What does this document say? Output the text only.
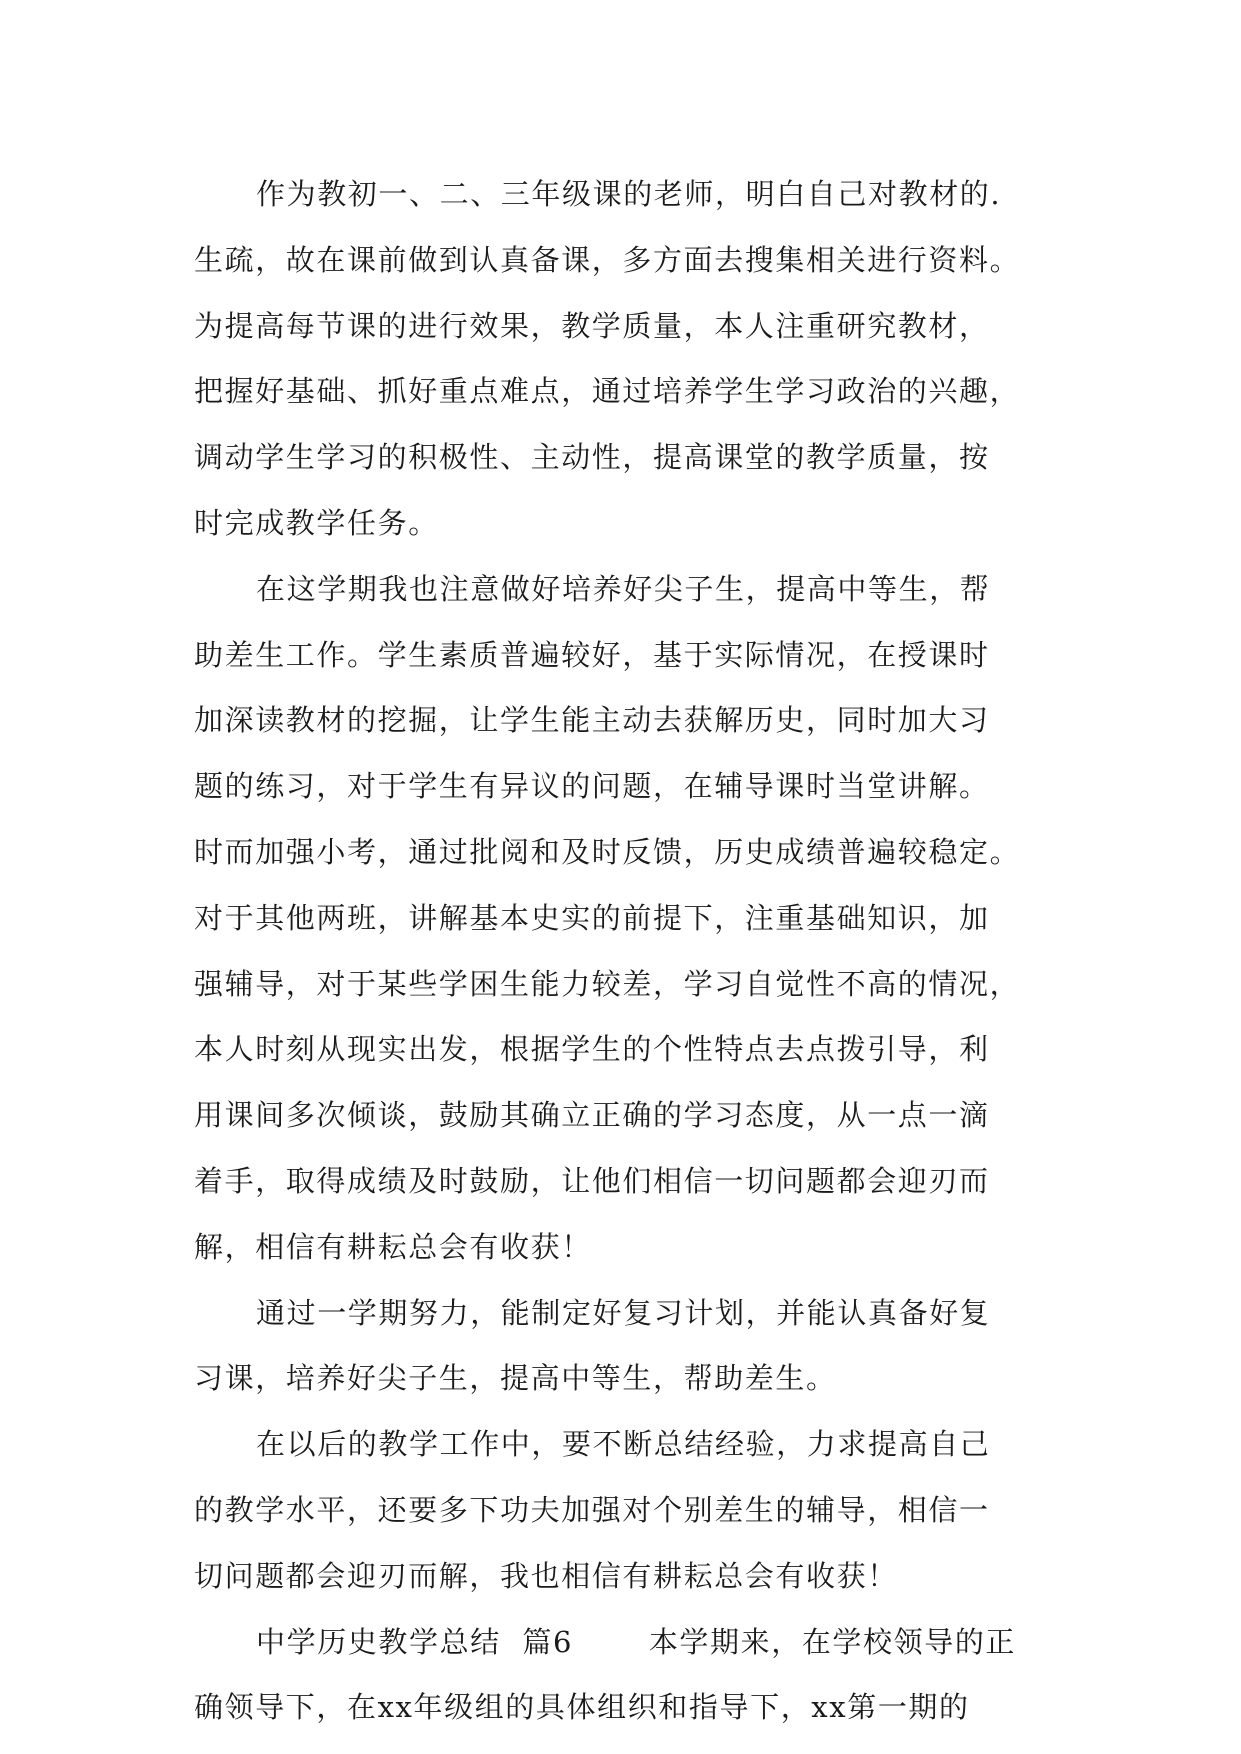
作为教初一、二、三年级课的老师，明白自己对教材的.
生疏，故在课前做到认真备课，多方面去搜集相关进行资料。
为提高每节课的进行效果，教学质量，本人注重研究教材，
把握好基础、抓好重点难点，通过培养学生学习政治的兴趣，
调动学生学习的积极性、主动性，提高课堂的教学质量，按
时完成教学任务。
在这学期我也注意做好培养好尖子生，提高中等生，帮
助差生工作。学生素质普遍较好，基于实际情况，在授课时
加深读教材的挖掘，让学生能主动去获解历史，同时加大习
题的练习，对于学生有异议的问题，在辅导课时当堂讲解。
时而加强小考，通过批阅和及时反馈，历史成绩普遍较稳定。
对于其他两班，讲解基本史实的前提下，注重基础知识，加
强辅导，对于某些学困生能力较差，学习自觉性不高的情况，
本人时刻从现实出发，根据学生的个性特点去点拨引导，利
用课间多次倾谈，鼓励其确立正确的学习态度，从一点一滴
着手，取得成绩及时鼓励，让他们相信一切问题都会迎刃而
解，相信有耕耘总会有收获！
通过一学期努力，能制定好复习计划，并能认真备好复
习课，培养好尖子生，提高中等生，帮助差生。
在以后的教学工作中，要不断总结经验，力求提高自己
的教学水平，还要多下功夫加强对个别差生的辅导，相信一
切问题都会迎刃而解，我也相信有耕耘总会有收获！
中学历史教学总结  篇6       本学期来，在学校领导的正
确领导下，在xx年级组的具体组织和指导下，xx第一期的
